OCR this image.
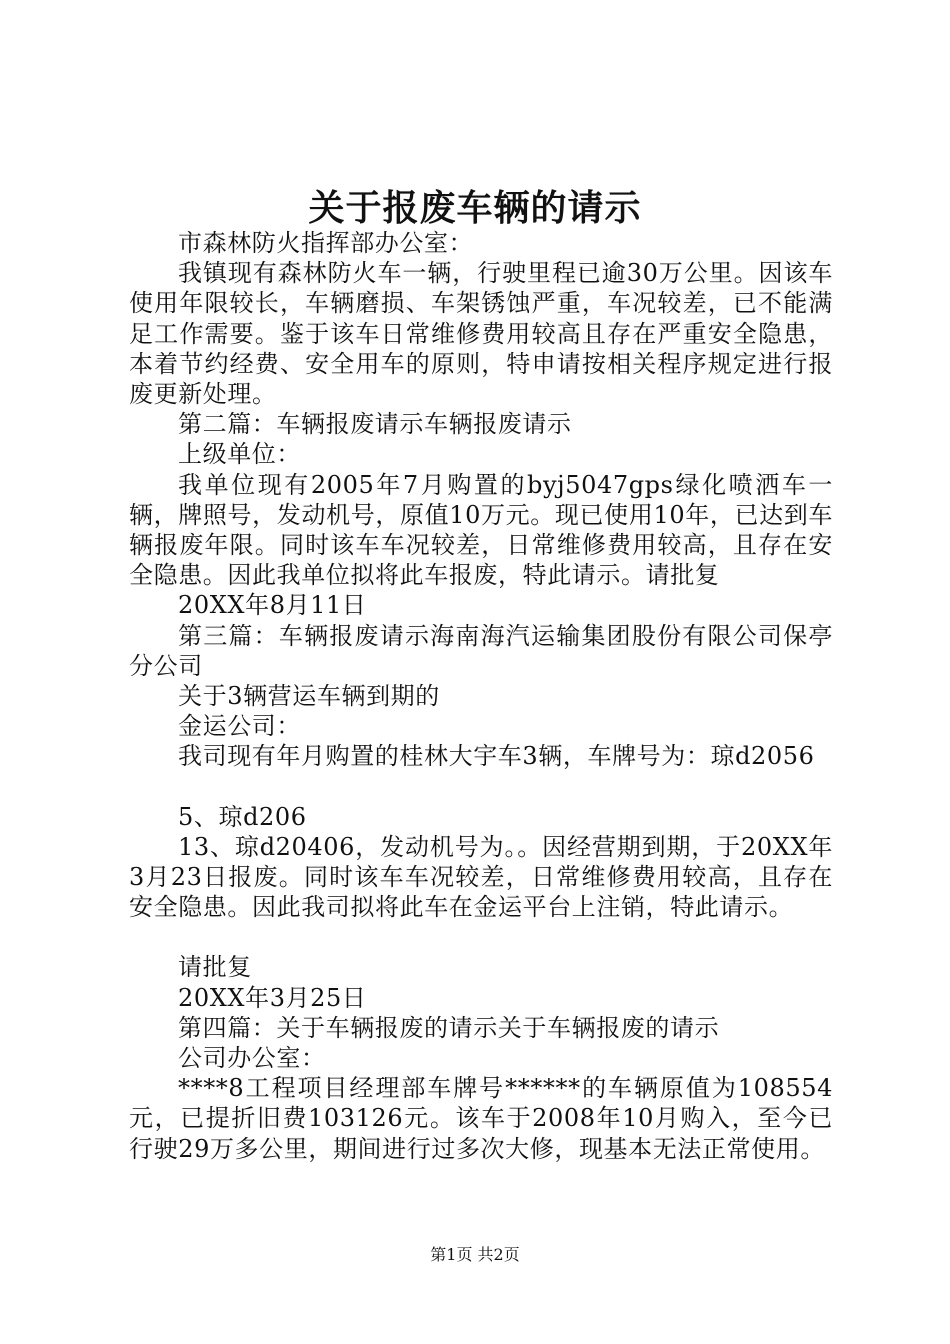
关于报废车辆的请示

市森林防火指挥部办公室：

我镇现有森林防火车一辆，行驶里程已逾30万公里。因该车使用年限较长，车辆磨损、车架锈蚀严重，车况较差，已不能满足工作需要。鉴于该车日常维修费用较高且存在严重安全隐患，本着节约经费、安全用车的原则，特申请按相关程序规定进行报废更新处理。

第二篇：车辆报废请示车辆报废请示

上级单位：

我单位现有2005年7月购置的byj5047gps绿化喷洒车一辆，牌照号，发动机号，原值10万元。现已使用10年，已达到车辆报废年限。同时该车车况较差，日常维修费用较高，且存在安全隐患。因此我单位拟将此车报废，特此请示。请批复

20XX年8月11日

第三篇：车辆报废请示海南海汽运输集团股份有限公司保亭分公司

关于3辆营运车辆到期的

金运公司：

我司现有年月购置的桂林大宇车3辆，车牌号为：琼d2056

5、琼d206

13、琼d20406，发动机号为。。因经营期到期，于20XX年3月23日报废。同时该车车况较差，日常维修费用较高，且存在安全隐患。因此我司拟将此车在金运平台上注销，特此请示。

请批复

20XX年3月25日

第四篇：关于车辆报废的请示关于车辆报废的请示

公司办公室：

****8工程项目经理部车牌号******的车辆原值为108554元，已提折旧费103126元。该车于2008年10月购入，至今已行驶29万多公里，期间进行过多次大修，现基本无法正常使用。

第1页 共2页
